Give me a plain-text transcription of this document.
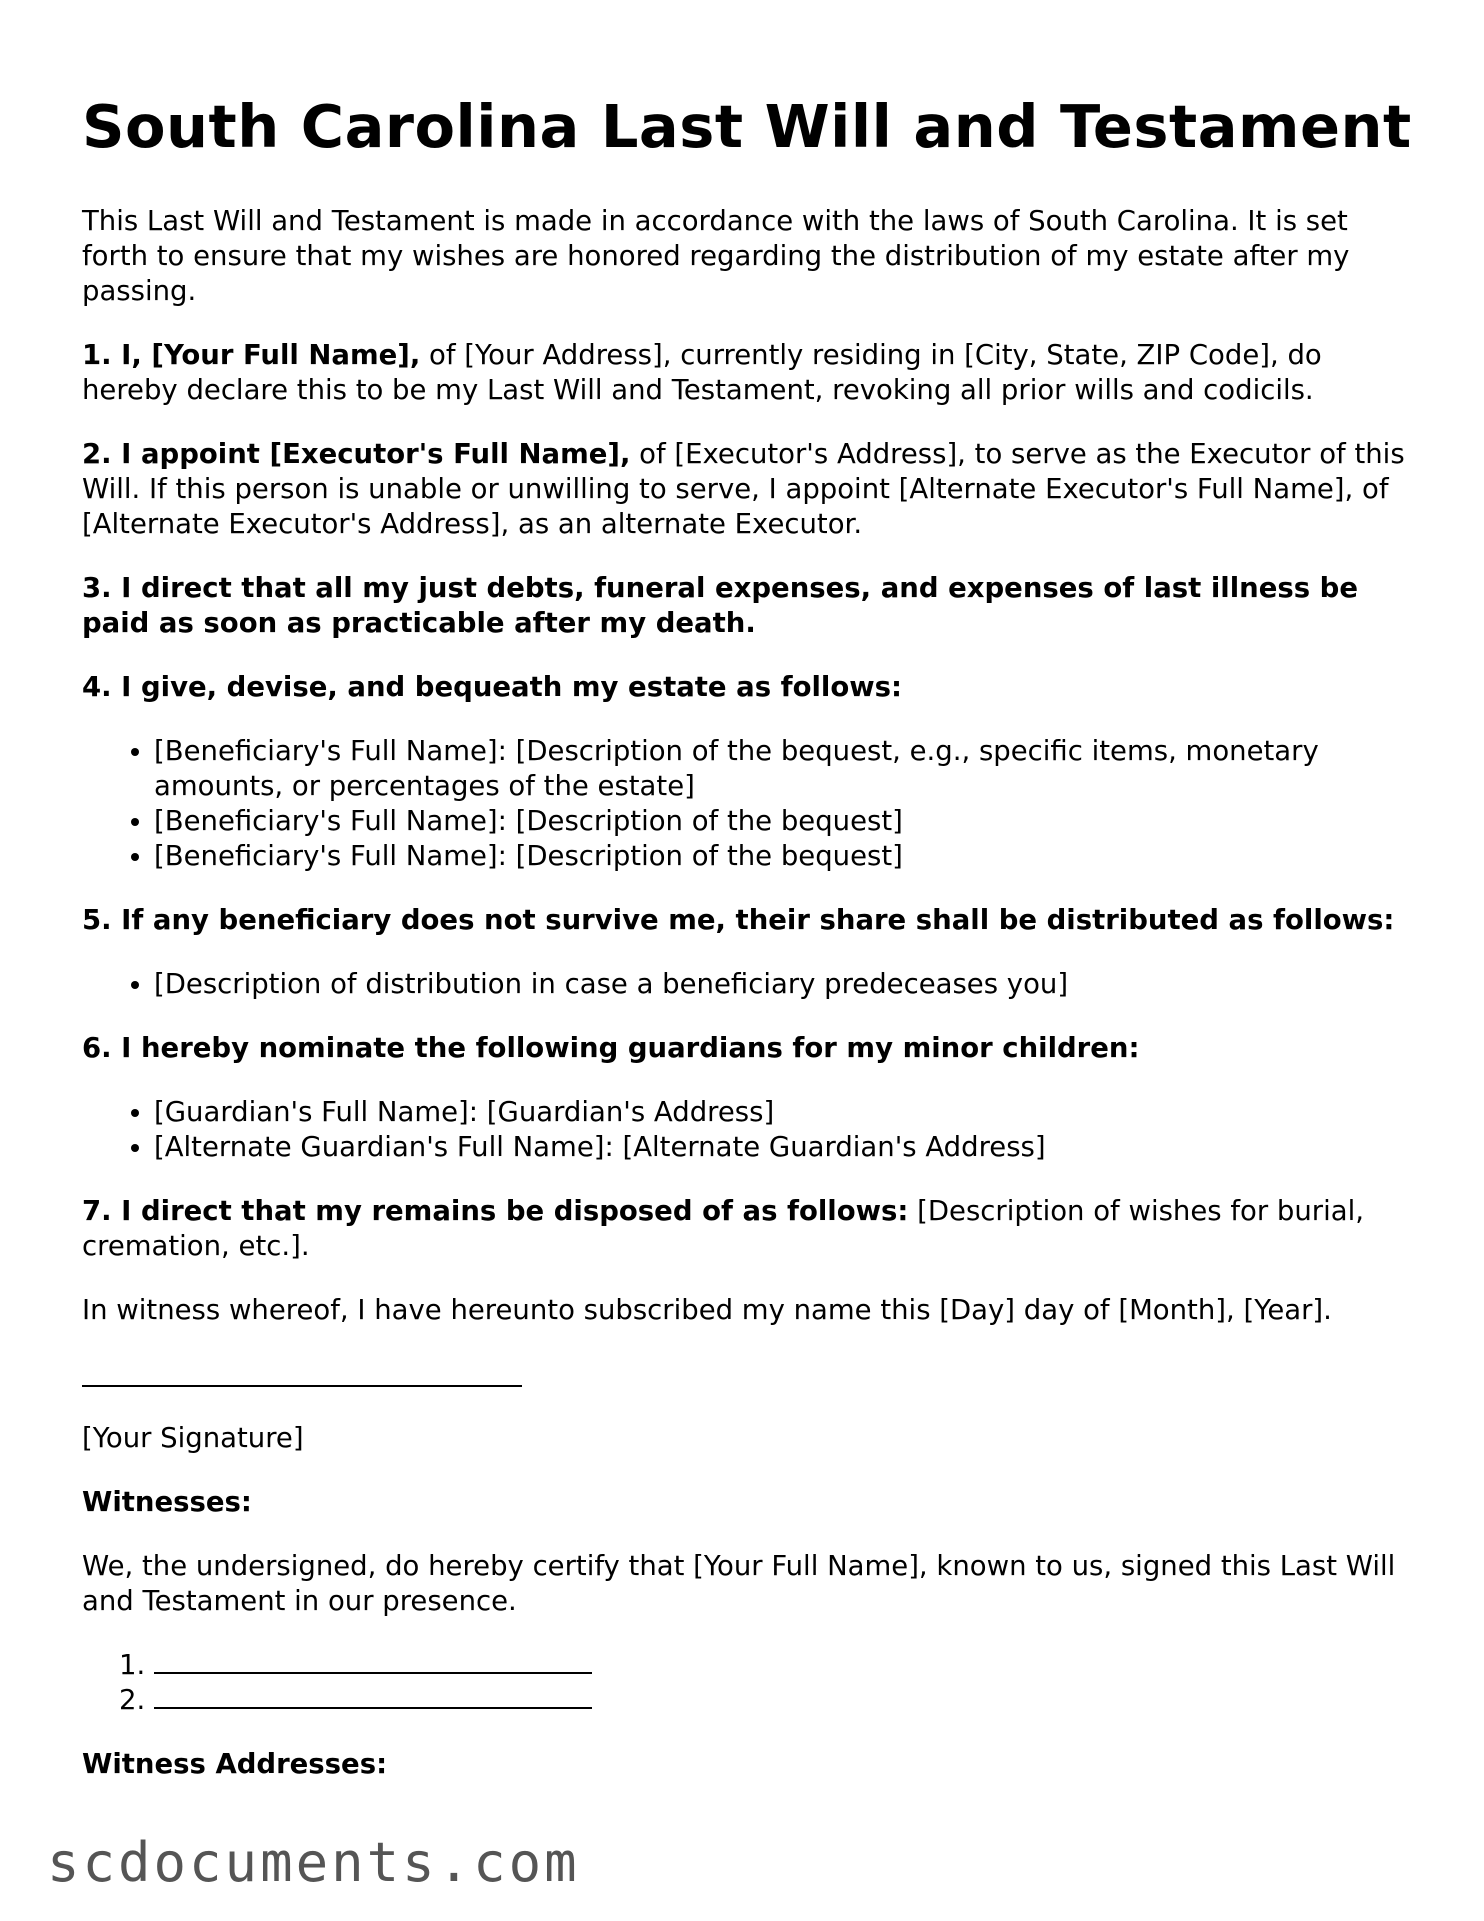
South Carolina Last Will and Testament

This Last Will and Testament is made in accordance with the laws of South Carolina. It is set forth to ensure that my wishes are honored regarding the distribution of my estate after my passing.

1. I, [Your Full Name], of [Your Address], currently residing in [City, State, ZIP Code], do hereby declare this to be my Last Will and Testament, revoking all prior wills and codicils.

2. I appoint [Executor's Full Name], of [Executor's Address], to serve as the Executor of this Will. If this person is unable or unwilling to serve, I appoint [Alternate Executor's Full Name], of [Alternate Executor's Address], as an alternate Executor.

3. I direct that all my just debts, funeral expenses, and expenses of last illness be paid as soon as practicable after my death.

4. I give, devise, and bequeath my estate as follows:

• [Beneficiary's Full Name]: [Description of the bequest, e.g., specific items, monetary amounts, or percentages of the estate]
• [Beneficiary's Full Name]: [Description of the bequest]
• [Beneficiary's Full Name]: [Description of the bequest]

5. If any beneficiary does not survive me, their share shall be distributed as follows:

• [Description of distribution in case a beneficiary predeceases you]

6. I hereby nominate the following guardians for my minor children:

• [Guardian's Full Name]: [Guardian's Address]
• [Alternate Guardian's Full Name]: [Alternate Guardian's Address]

7. I direct that my remains be disposed of as follows: [Description of wishes for burial, cremation, etc.].

In witness whereof, I have hereunto subscribed my name this [Day] day of [Month], [Year].

[Your Signature]

Witnesses:

We, the undersigned, do hereby certify that [Your Full Name], known to us, signed this Last Will and Testament in our presence.

1.
2.

Witness Addresses:

scdocuments.com
